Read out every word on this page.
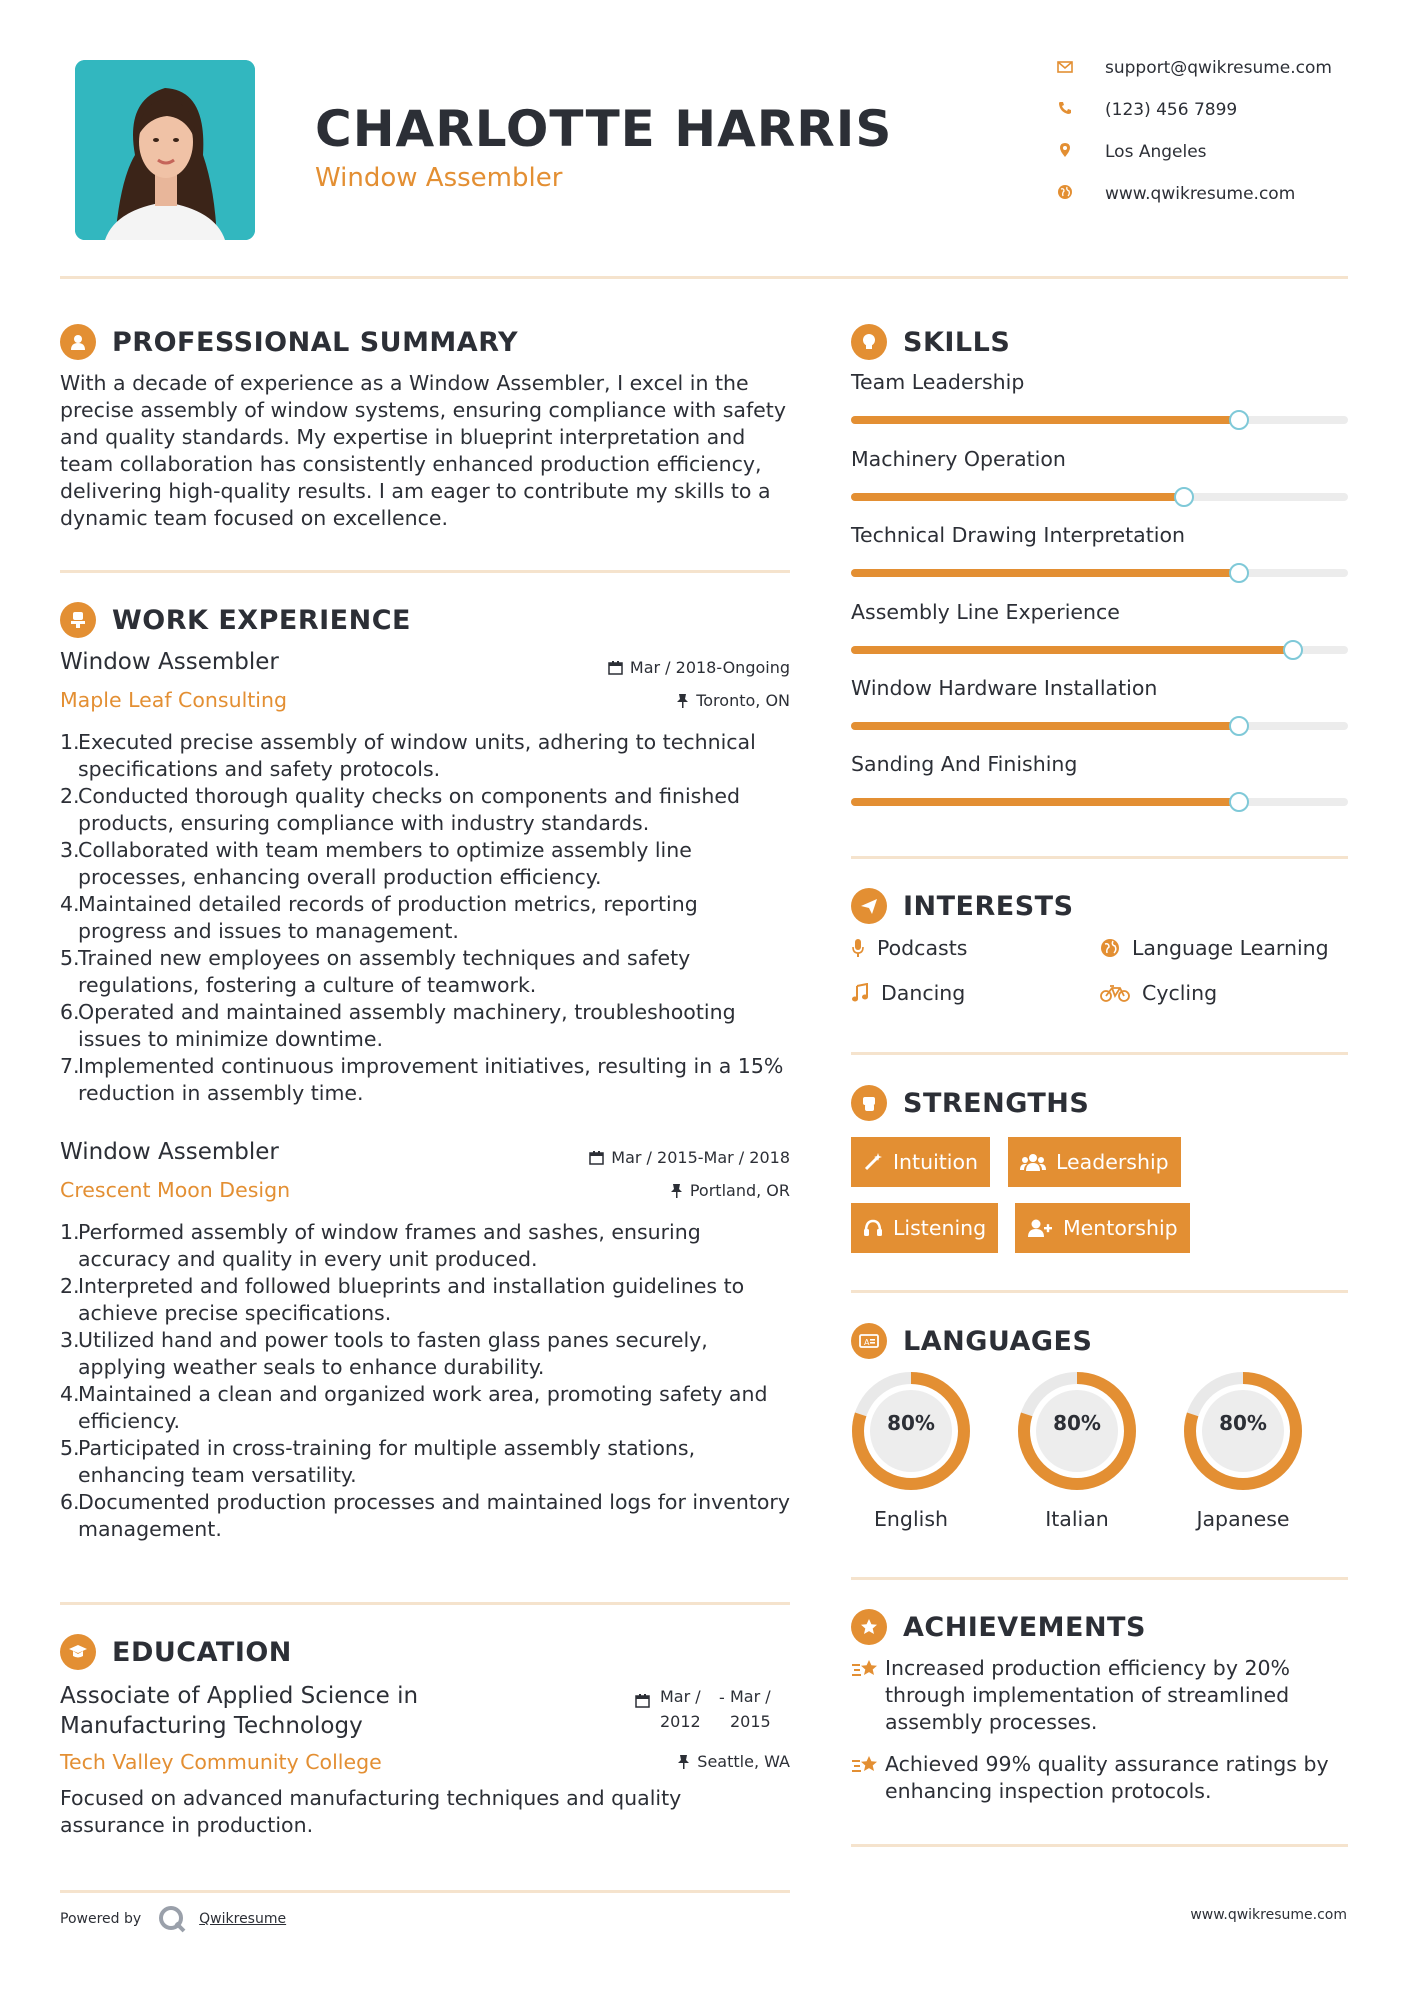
CHARLOTTE HARRIS
Window Assembler
support@qwikresume.com
(123) 456 7899
Los Angeles
www.qwikresume.com
PROFESSIONAL SUMMARY
With a decade of experience as a Window Assembler, I excel in the precise assembly of window systems, ensuring compliance with safety and quality standards. My expertise in blueprint interpretation and team collaboration has consistently enhanced production efficiency, delivering high-quality results. I am eager to contribute my skills to a dynamic team focused on excellence.
WORK EXPERIENCE
Window Assembler	Mar / 2018-Ongoing
Maple Leaf Consulting	Toronto, ON
Executed precise assembly of window units, adhering to technical specifications and safety protocols.
Conducted thorough quality checks on components and finished products, ensuring compliance with industry standards.
Collaborated with team members to optimize assembly line processes, enhancing overall production efficiency.
Maintained detailed records of production metrics, reporting progress and issues to management.
Trained new employees on assembly techniques and safety regulations, fostering a culture of teamwork.
Operated and maintained assembly machinery, troubleshooting issues to minimize downtime.
Implemented continuous improvement initiatives, resulting in a 15% reduction in assembly time.
Window Assembler	Mar / 2015-Mar / 2018
Crescent Moon Design	Portland, OR
Performed assembly of window frames and sashes, ensuring accuracy and quality in every unit produced.
Interpreted and followed blueprints and installation guidelines to achieve precise specifications.
Utilized hand and power tools to fasten glass panes securely, applying weather seals to enhance durability.
Maintained a clean and organized work area, promoting safety and efficiency.
Participated in cross-training for multiple assembly stations, enhancing team versatility.
Documented production processes and maintained logs for inventory management.
EDUCATION
Associate of Applied Science in
Manufacturing Technology
Mar /
2012
- Mar /
2015
Tech Valley Community College	Seattle, WA
Focused on advanced manufacturing techniques and quality assurance in production.
SKILLS
Team Leadership
Machinery Operation
Technical Drawing Interpretation
Assembly Line Experience
Window Hardware Installation
Sanding And Finishing
INTERESTS
Podcasts	Language Learning
Dancing	Cycling
STRENGTHS
Intuition	Leadership
Listening	Mentorship
A LANGUAGES
80%
English
80%
Italian
80%
Japanese
ACHIEVEMENTS
Increased production efficiency by 20% through implementation of streamlined assembly processes.
Achieved 99% quality assurance ratings by enhancing inspection protocols.
Powered by	Qwikresume	www.qwikresume.com
